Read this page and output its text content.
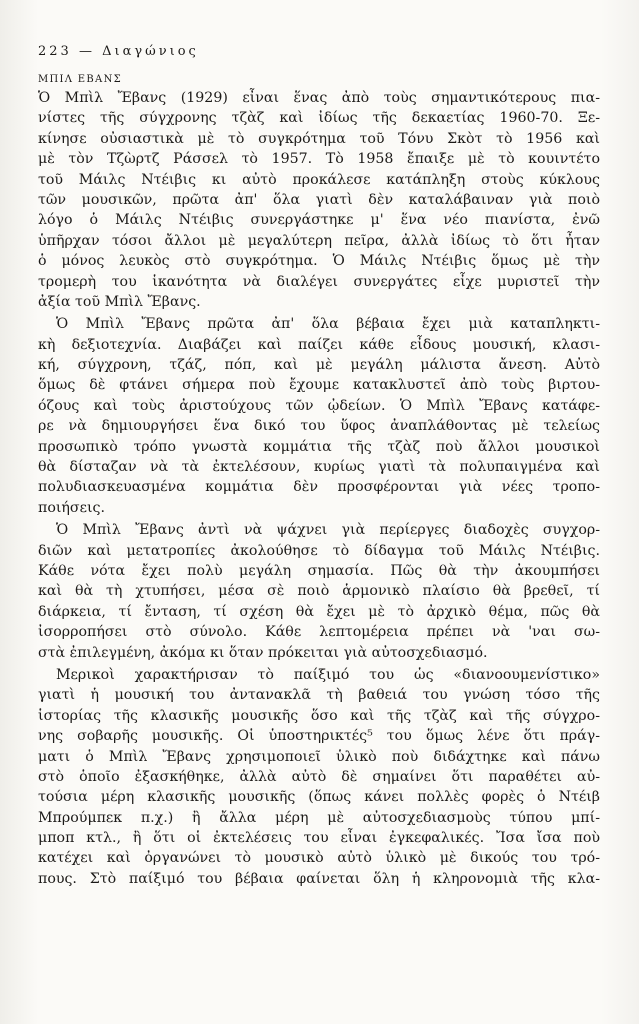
223 — Διαγώνιος
ΜΠΙΛ ΕΒΑΝΣ
Ὁ Μπὶλ Ἔβανς (1929) εἶναι ἕνας ἀπὸ τοὺς σημαντικότερους πια-
νίστες τῆς σύγχρονης τζὰζ καὶ ἰδίως τῆς δεκαετίας 1960-70. Ξε-
κίνησε οὐσιαστικὰ μὲ τὸ συγκρότημα τοῦ Τόνυ Σκὸτ τὸ 1956 καὶ
μὲ τὸν Τζὼρτζ Ράσσελ τὸ 1957. Τὸ 1958 ἔπαιξε μὲ τὸ κουιντέτο
τοῦ Μάιλς Ντέιβις κι αὐτὸ προκάλεσε κατάπληξη στοὺς κύκλους
τῶν μουσικῶν, πρῶτα ἀπ' ὅλα γιατὶ δὲν καταλάβαιναν γιὰ ποιὸ
λόγο ὁ Μάιλς Ντέιβις συνεργάστηκε μ' ἕνα νέο πιανίστα, ἐνῶ
ὑπῆρχαν τόσοι ἄλλοι μὲ μεγαλύτερη πεῖρα, ἀλλὰ ἰδίως τὸ ὅτι ἦταν
ὁ μόνος λευκὸς στὸ συγκρότημα. Ὁ Μάιλς Ντέιβις ὅμως μὲ τὴν
τρομερὴ του ἱκανότητα νὰ διαλέγει συνεργάτες εἶχε μυριστεῖ τὴν
ἀξία τοῦ Μπὶλ Ἔβανς.
Ὁ Μπὶλ Ἔβανς πρῶτα ἀπ' ὅλα βέβαια ἔχει μιὰ καταπληκτι-
κὴ δεξιοτεχνία. Διαβάζει καὶ παίζει κάθε εἶδους μουσική, κλασι-
κή, σύγχρονη, τζάζ, πόπ, καὶ μὲ μεγάλη μάλιστα ἄνεση. Αὐτὸ
ὅμως δὲ φτάνει σήμερα ποὺ ἔχουμε κατακλυστεῖ ἀπὸ τοὺς βιρτου-
όζους καὶ τοὺς ἀριστούχους τῶν ᾠδείων. Ὁ Μπὶλ Ἔβανς κατάφε-
ρε νὰ δημιουργήσει ἕνα δικό του ὕφος ἀναπλάθοντας μὲ τελείως
προσωπικὸ τρόπο γνωστὰ κομμάτια τῆς τζὰζ ποὺ ἄλλοι μουσικοὶ
θὰ δίσταζαν νὰ τὰ ἐκτελέσουν, κυρίως γιατὶ τὰ πολυπαιγμένα καὶ
πολυδιασκευασμένα κομμάτια δὲν προσφέρονται γιὰ νέες τροπο-
ποιήσεις.
Ὁ Μπὶλ Ἔβανς ἀντὶ νὰ ψάχνει γιὰ περίεργες διαδοχὲς συγχορ-
διῶν καὶ μετατροπίες ἀκολούθησε τὸ δίδαγμα τοῦ Μάιλς Ντέιβις.
Κάθε νότα ἔχει πολὺ μεγάλη σημασία. Πῶς θὰ τὴν ἀκουμπήσει
καὶ θὰ τὴ χτυπήσει, μέσα σὲ ποιὸ ἁρμονικὸ πλαίσιο θὰ βρεθεῖ, τί
διάρκεια, τί ἔνταση, τί σχέση θὰ ἔχει μὲ τὸ ἀρχικὸ θέμα, πῶς θὰ
ἰσορροπήσει στὸ σύνολο. Κάθε λεπτομέρεια πρέπει νὰ 'ναι σω-
στὰ ἐπιλεγμένη, ἀκόμα κι ὅταν πρόκειται γιὰ αὐτοσχεδιασμό.
Μερικοὶ χαρακτήρισαν τὸ παίξιμό του ὡς «διανοουμενίστικο»
γιατὶ ἡ μουσική του ἀντανακλᾶ τὴ βαθειά του γνώση τόσο τῆς
ἱστορίας τῆς κλασικῆς μουσικῆς ὅσο καὶ τῆς τζὰζ καὶ τῆς σύγχρο-
νης σοβαρῆς μουσικῆς. Οἱ ὑποστηρικτές⁵ του ὅμως λένε ὅτι πράγ-
ματι ὁ Μπὶλ Ἔβανς χρησιμοποιεῖ ὑλικὸ ποὺ διδάχτηκε καὶ πάνω
στὸ ὁποῖο ἐξασκήθηκε, ἀλλὰ αὐτὸ δὲ σημαίνει ὅτι παραθέτει αὐ-
τούσια μέρη κλασικῆς μουσικῆς (ὅπως κάνει πολλὲς φορὲς ὁ Ντέιβ
Μπρούμπεκ π.χ.) ἢ ἄλλα μέρη μὲ αὐτοσχεδιασμοὺς τύπου μπί-
μποπ κτλ., ἢ ὅτι οἱ ἐκτελέσεις του εἶναι ἐγκεφαλικές. Ἴσα ἴσα ποὺ
κατέχει καὶ ὀργανώνει τὸ μουσικὸ αὐτὸ ὑλικὸ μὲ δικούς του τρό-
πους. Στὸ παίξιμό του βέβαια φαίνεται ὅλη ἡ κληρονομιὰ τῆς κλα-
